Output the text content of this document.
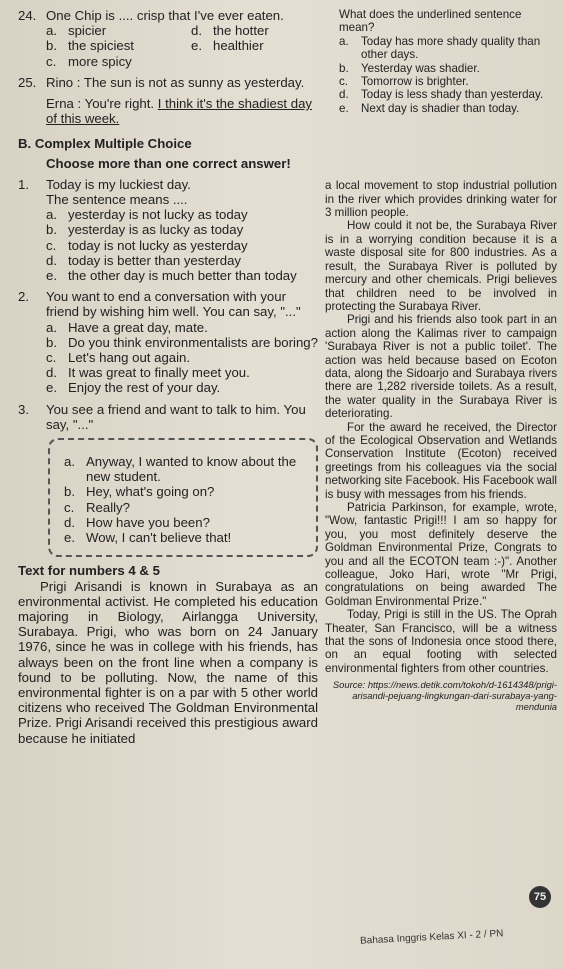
24. One Chip is .... crisp that I've ever eaten.
a. spicier
b. the spiciest
c. more spicy
d. the hotter
e. healthier
25. Rino : The sun is not as sunny as yesterday.
Erna : You're right. I think it's the shadiest day of this week.
B. Complex Multiple Choice
Choose more than one correct answer!
1. Today is my luckiest day.
The sentence means ....
a. yesterday is not lucky as today
b. yesterday is as lucky as today
c. today is not lucky as yesterday
d. today is better than yesterday
e. the other day is much better than today
2. You want to end a conversation with your friend by wishing him well. You can say, "..."
a. Have a great day, mate.
b. Do you think environmentalists are boring?
c. Let's hang out again.
d. It was great to finally meet you.
e. Enjoy the rest of your day.
3. You see a friend and want to talk to him. You say, "..."
a. Anyway, I wanted to know about the new student.
b. Hey, what's going on?
c. Really?
d. How have you been?
e. Wow, I can't believe that!
Text for numbers 4 & 5
Prigi Arisandi is known in Surabaya as an environmental activist. He completed his education majoring in Biology, Airlangga University, Surabaya. Prigi, who was born on 24 January 1976, since he was in college with his friends, has always been on the front line when a company is found to be polluting. Now, the name of this environmental fighter is on a par with 5 other world citizens who received The Goldman Environmental Prize. Prigi Arisandi received this prestigious award because he initiated
What does the underlined sentence mean?
a.	Today has more shady quality than other days.
b.	Yesterday was shadier.
c.	Tomorrow is brighter.
d.	Today is less shady than yesterday.
e.	Next day is shadier than today.
a local movement to stop industrial pollution in the river which provides drinking water for 3 million people.
How could it not be, the Surabaya River is in a worrying condition because it is a waste disposal site for 800 industries. As a result, the Surabaya River is polluted by mercury and other chemicals. Prigi believes that children need to be involved in protecting the Surabaya River.
Prigi and his friends also took part in an action along the Kalimas river to campaign 'Surabaya River is not a public toilet'. The action was held because based on Ecoton data, along the Sidoarjo and Surabaya rivers there are 1,282 riverside toilets. As a result, the water quality in the Surabaya River is deteriorating.
For the award he received, the Director of the Ecological Observation and Wetlands Conservation Institute (Ecoton) received greetings from his colleagues via the social networking site Facebook. His Facebook wall is busy with messages from his friends.
Patricia Parkinson, for example, wrote, "Wow, fantastic Prigi!!! I am so happy for you, you most definitely deserve the Goldman Environmental Prize, Congrats to you and all the ECOTON team :-)". Another colleague, Joko Hari, wrote "Mr Prigi, congratulations on being awarded The Goldman Environmental Prize."
Today, Prigi is still in the US. The Oprah Theater, San Francisco, will be a witness that the sons of Indonesia once stood there, on an equal footing with selected environmental fighters from other countries.
Source: https://news.detik.com/tokoh/d-1614348/prigi-arisandi-pejuang-lingkungan-dari-surabaya-yang-mendunia
75
Bahasa Inggris Kelas XI - 2 / PN
